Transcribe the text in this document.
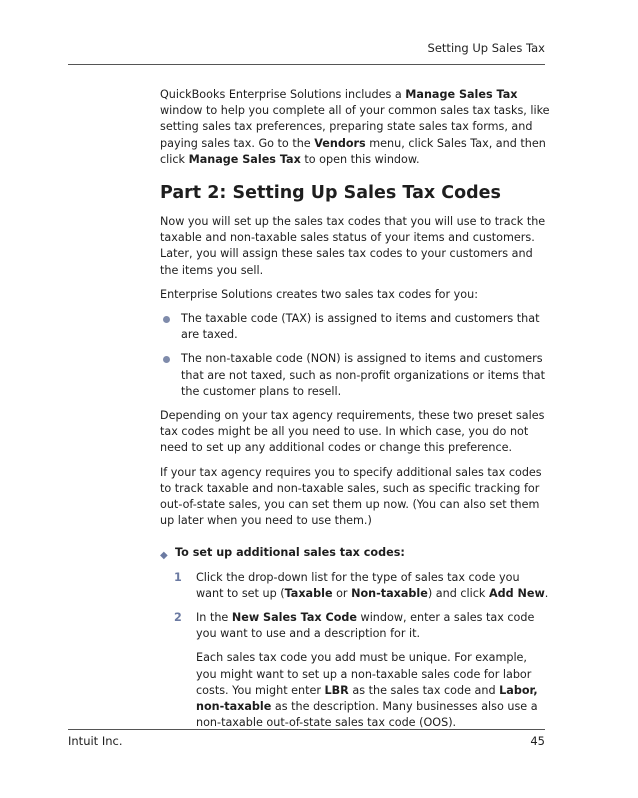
Setting Up Sales Tax

QuickBooks Enterprise Solutions includes a Manage Sales Tax window to help you complete all of your common sales tax tasks, like setting sales tax preferences, preparing state sales tax forms, and paying sales tax. Go to the Vendors menu, click Sales Tax, and then click Manage Sales Tax to open this window.

Part 2: Setting Up Sales Tax Codes

Now you will set up the sales tax codes that you will use to track the taxable and non-taxable sales status of your items and customers. Later, you will assign these sales tax codes to your customers and the items you sell.

Enterprise Solutions creates two sales tax codes for you:

The taxable code (TAX) is assigned to items and customers that are taxed.
The non-taxable code (NON) is assigned to items and customers that are not taxed, such as non-profit organizations or items that the customer plans to resell.

Depending on your tax agency requirements, these two preset sales tax codes might be all you need to use. In which case, you do not need to set up any additional codes or change this preference.

If your tax agency requires you to specify additional sales tax codes to track taxable and non-taxable sales, such as specific tracking for out-of-state sales, you can set them up now. (You can also set them up later when you need to use them.)

◆ To set up additional sales tax codes:
1 Click the drop-down list for the type of sales tax code you want to set up (Taxable or Non-taxable) and click Add New.
2 In the New Sales Tax Code window, enter a sales tax code you want to use and a description for it.

Each sales tax code you add must be unique. For example, you might want to set up a non-taxable sales code for labor costs. You might enter LBR as the sales tax code and Labor, non-taxable as the description. Many businesses also use a non-taxable out-of-state sales tax code (OOS).

Intuit Inc.	45
